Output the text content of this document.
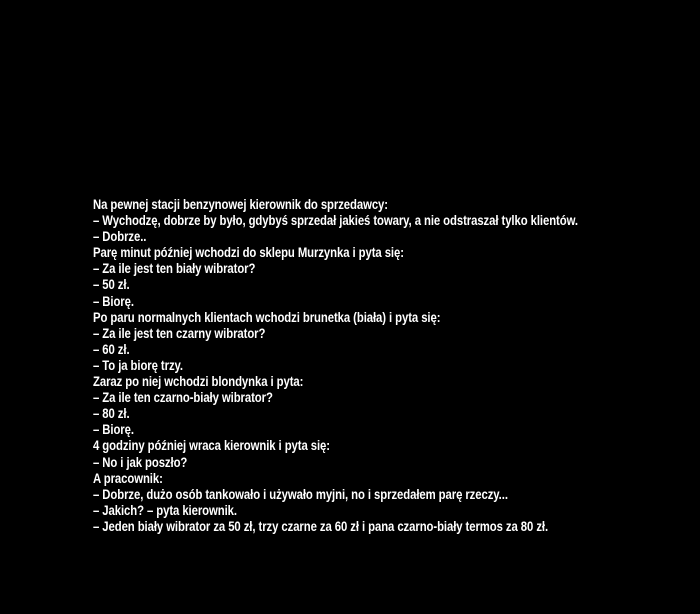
Na pewnej stacji benzynowej kierownik do sprzedawcy:
– Wychodzę, dobrze by było, gdybyś sprzedał jakieś towary, a nie odstraszał tylko klientów.
– Dobrze..
Parę minut później wchodzi do sklepu Murzynka i pyta się:
– Za ile jest ten biały wibrator?
– 50 zł.
– Biorę.
Po paru normalnych klientach wchodzi brunetka (biała) i pyta się:
– Za ile jest ten czarny wibrator?
– 60 zł.
– To ja biorę trzy.
Zaraz po niej wchodzi blondynka i pyta:
– Za ile ten czarno-biały wibrator?
– 80 zł.
– Biorę.
4 godziny później wraca kierownik i pyta się:
– No i jak poszło?
A pracownik:
– Dobrze, dużo osób tankowało i używało myjni, no i sprzedałem parę rzeczy...
– Jakich? – pyta kierownik.
– Jeden biały wibrator za 50 zł, trzy czarne za 60 zł i pana czarno-biały termos za 80 zł.
